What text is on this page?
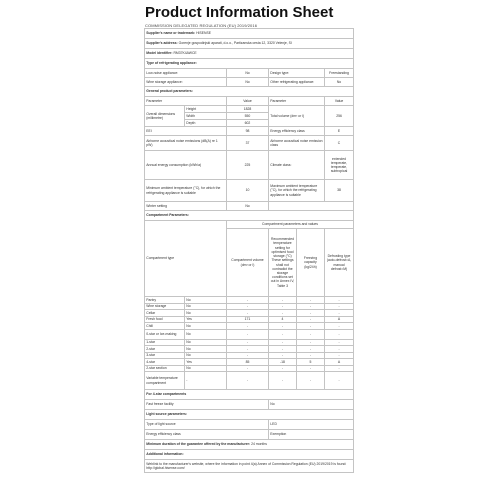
Product Information Sheet
COMMISSION DELEGATED REGULATION (EU) 2019/2016
Supplier's name or trademark: HISENSE					
Supplier's address: Gorenje gospodinjski aparati, d.o.o., Partizanska cesta 12, 3320 Velenje, SI					
Model identifier: RM37K4AWCE					
Type of refrigerating appliance:					
Low-noise appliance:		No	Design type:		Freestanding
Wine storage appliance:		No	Other refrigerating appliance:		No
General product parameters:					
Parameter		Value	Parameter		Value
Overall dimensions (millimetre)	Height	1828	Total volume (dm³ or l)		256
	Width	550			
	Depth	602			
EEI		98	Energy efficiency class		E
Airborne acoustical noise emissions (dB(A) re 1 pW)		37	Airborne acoustical noise emission class		C
Annual energy consumption (kWh/a)		225	Climate class:		extended temperate, temperate, subtropical
Minimum ambient temperature (°C), for which the refrigerating appliance is suitable		10	Maximum ambient temperature (°C), for which the refrigerating appliance is suitable		38
Winter setting		No			
Compartment Parameters:					
Compartment type		Compartment parameters and values			
		Compartment volume (dm³ or l)	Recommended temperature setting for optimised food storage (°C) These settings shall not contradict the storage conditions set out in Annex IV, Table 3	Freezing capacity (kg/24h)	Defrosting type (auto-defrost=A, manual defrost=M)
Pantry	No	-	-	-	-
Wine storage	No	-	-	-	-
Cellar	No	-	-	-	-
Fresh food	Yes	171	4	-	A
Chill	No	-	-	-	-
0-star or Ice-making	No	-	-	-	-
1-star	No	-	-	-	-
2-star	No	-	-	-	-
3-star	No	-	-	-	-
4-star	Yes	85	-18	5	A
2-star section	No	-	-	-	-
Variable temperature compartment	-	-	-	-	-
For 4-star compartments					
Fast freeze facility			No		
Light source parameters:					
Type of light source			LED		
Energy efficiency class			Exemption		
Minimum duration of the guarantee offered by the manufacturer: 24 months					
Additional information:					
Weblink to the manufacturer's website, where the information in point 4(a) Annex of Commission Regulation (EU) 2019/2019 is found: http://global.hisense.com/					
